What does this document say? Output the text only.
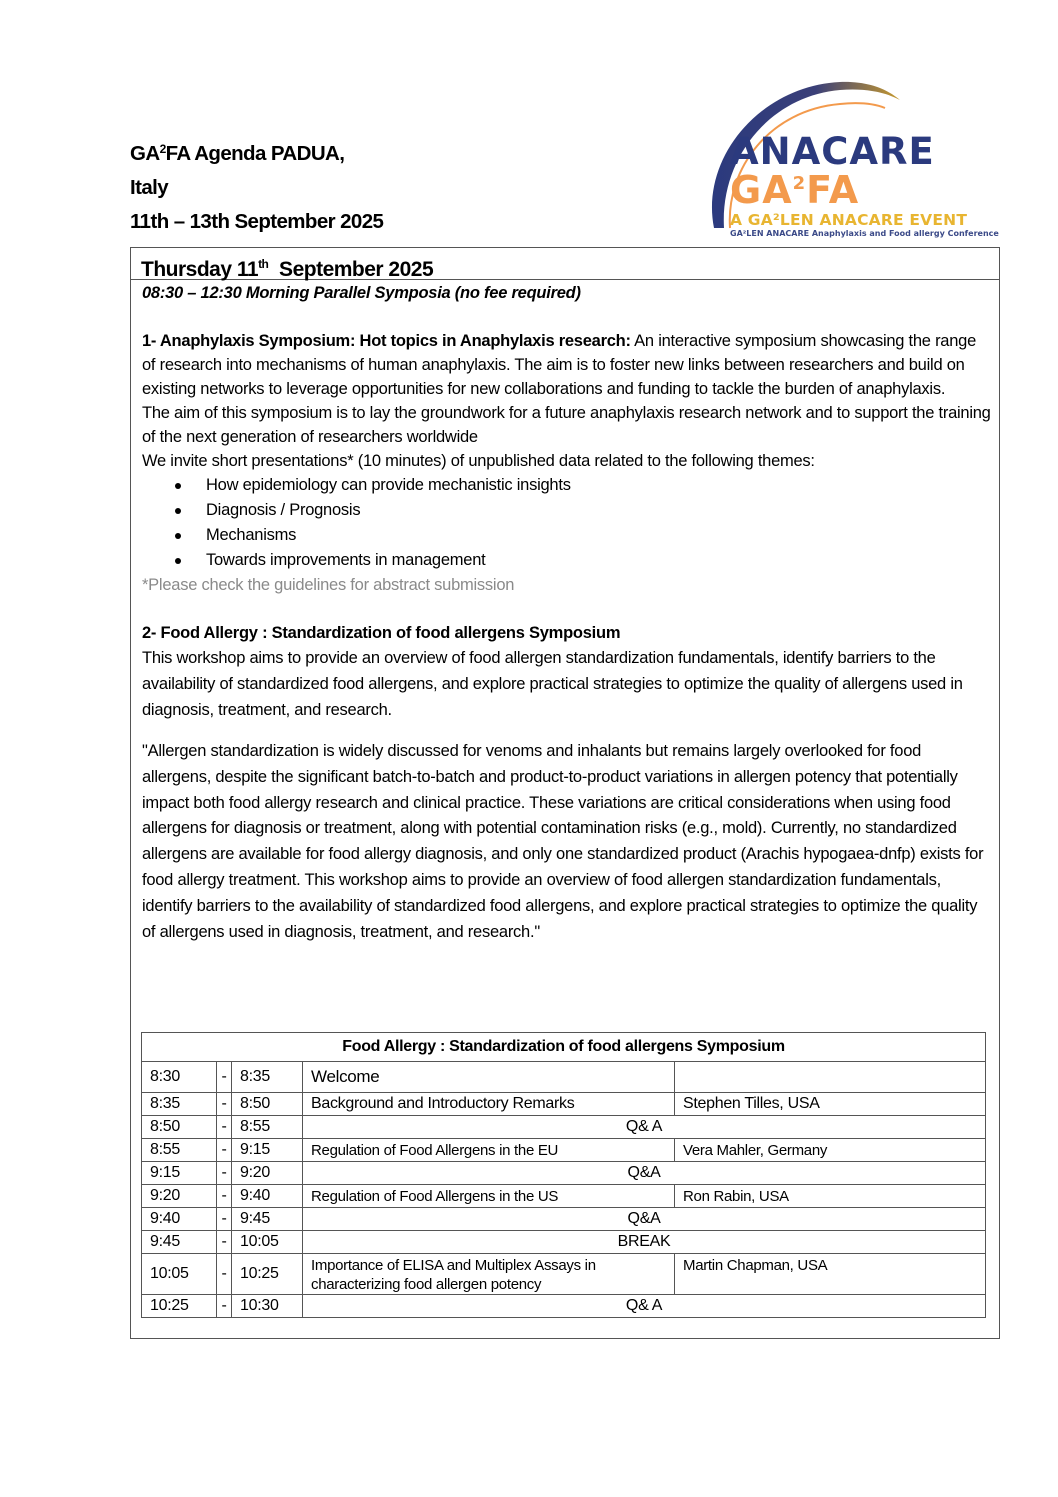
$GA^2FA$ Agenda PADUA,
Italy
11th – 13th September 2025
ANACARE
$GA^2FA$
A GA²LEN ANACARE EVENT
GA²LEN ANACARE Anaphylaxis and Food allergy Conference
Thursday 11th  September 2025
08:30 – 12:30 Morning Parallel Symposia (no fee required)

1- Anaphylaxis Symposium: Hot topics in Anaphylaxis research: An interactive symposium showcasing the range of research into mechanisms of human anaphylaxis. The aim is to foster new links between researchers and build on existing networks to leverage opportunities for new collaborations and funding to tackle the burden of anaphylaxis.

The aim of this symposium is to lay the groundwork for a future anaphylaxis research network and to support the training of the next generation of researchers worldwide

We invite short presentations* (10 minutes) of unpublished data related to the following themes:

How epidemiology can provide mechanistic insights
Diagnosis / Prognosis
Mechanisms
Towards improvements in management
*Please check the guidelines for abstract submission

2- Food Allergy : Standardization of food allergens Symposium

This workshop aims to provide an overview of food allergen standardization fundamentals, identify barriers to the availability of standardized food allergens, and explore practical strategies to optimize the quality of allergens used in diagnosis, treatment, and research.

"Allergen standardization is widely discussed for venoms and inhalants but remains largely overlooked for food allergens, despite the significant batch-to-batch and product-to-product variations in allergen potency that potentially impact both food allergy research and clinical practice. These variations are critical considerations when using food allergens for diagnosis or treatment, along with potential contamination risks (e.g., mold). Currently, no standardized allergens are available for food allergy diagnosis, and only one standardized product (Arachis hypogaea-dnfp) exists for food allergy treatment. This workshop aims to provide an overview of food allergen standardization fundamentals, identify barriers to the availability of standardized food allergens, and explore practical strategies to optimize the quality of allergens used in diagnosis, treatment, and research."

Food Allergy : Standardization of food allergens Symposium				
8:30	-	8:35	Welcome	
8:35	-	8:50	Background and Introductory Remarks	Stephen Tilles, USA
8:50	-	8:55	Q& A	
8:55	-	9:15	Regulation of Food Allergens in the EU	Vera Mahler, Germany
9:15	-	9:20	Q&A	
9:20	-	9:40	Regulation of Food Allergens in the US	Ron Rabin, USA
9:40	-	9:45	Q&A	
9:45	-	10:05	BREAK	
10:05	-	10:25	Importance of ELISA and Multiplex Assays in characterizing food allergen potency	Martin Chapman, USA
10:25	-	10:30	Q& A	
